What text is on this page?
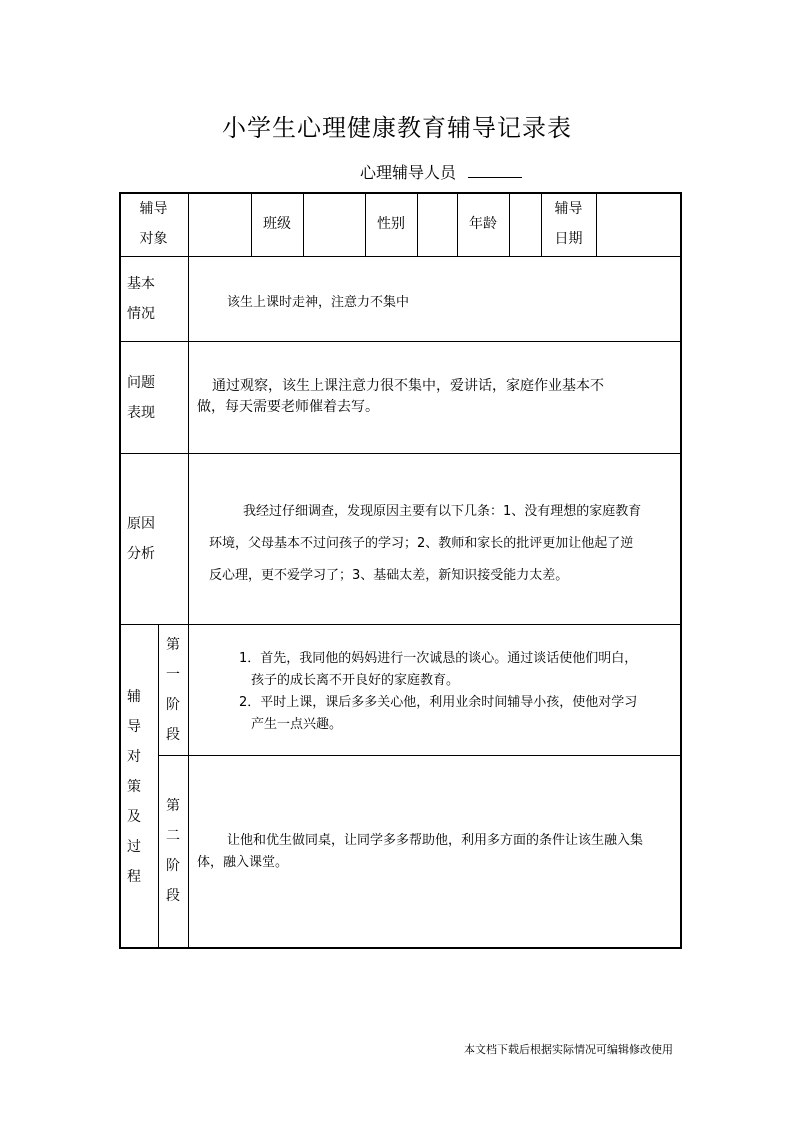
小学生心理健康教育辅导记录表
心理辅导人员
辅导
对象
班级	性别	年龄
辅导
日期
基本
情况
该生上课时走神，注意力不集中
问题
表现
通过观察，该生上课注意力很不集中，爱讲话，家庭作业基本不
做，每天需要老师催着去写。
原因
分析
我经过仔细调查，发现原因主要有以下几条：1、没有理想的家庭教育
环境，父母基本不过问孩子的学习；2、教师和家长的批评更加让他起了逆
反心理，更不爱学习了；3、基础太差，新知识接受能力太差。
辅
导
对
策
及
过
程
第
一
阶
段
1．首先，我同他的妈妈进行一次诚恳的谈心。通过谈话使他们明白，
孩子的成长离不开良好的家庭教育。
2．平时上课，课后多多关心他，利用业余时间辅导小孩，使他对学习
产生一点兴趣。
第
二
阶
段
让他和优生做同桌，让同学多多帮助他，利用多方面的条件让该生融入集
体，融入课堂。
本文档下载后根据实际情况可编辑修改使用
